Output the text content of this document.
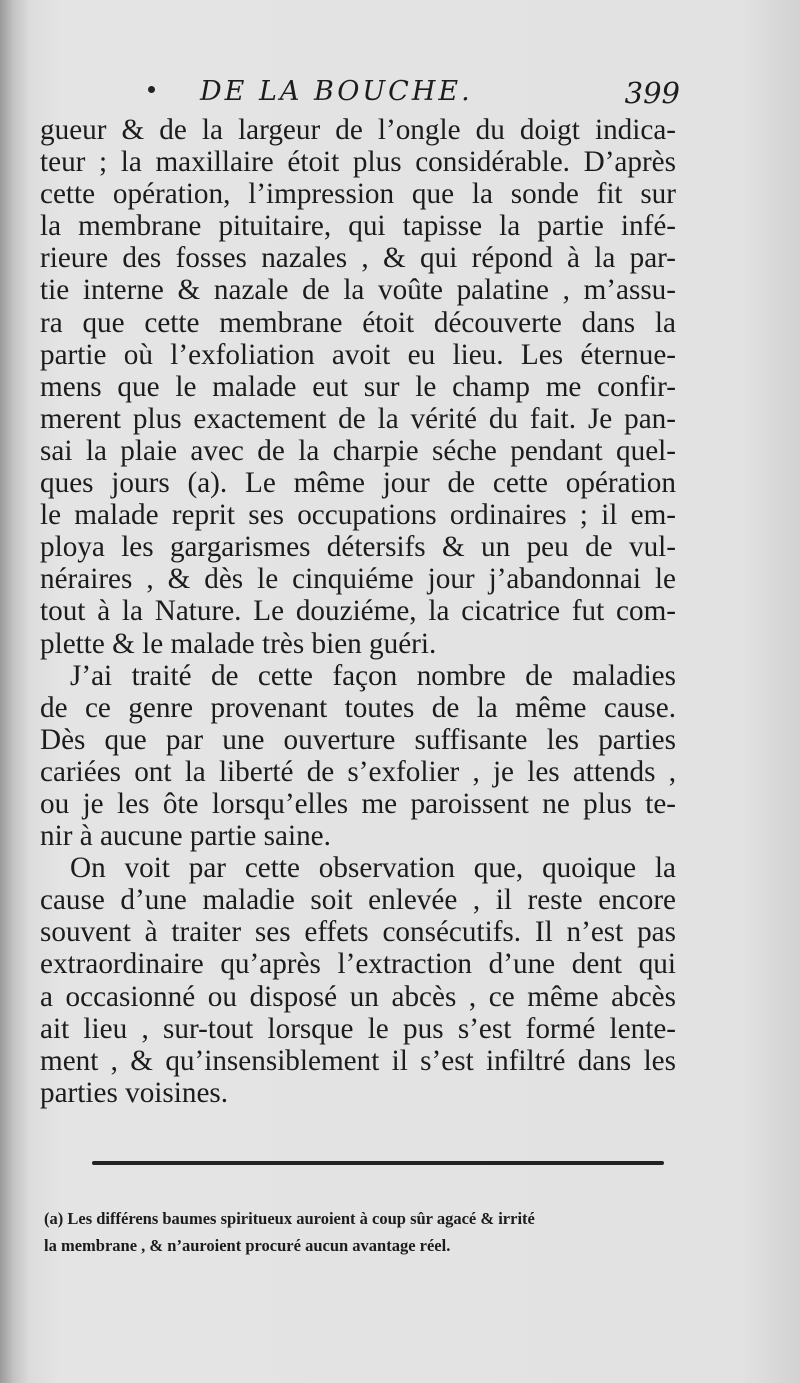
DE LA BOUCHE.	399
gueur & de la largeur de l’ongle du doigt indica-
teur ; la maxillaire étoit plus considérable. D’après
cette opération, l’impression que la sonde fit sur
la membrane pituitaire, qui tapisse la partie infé-
rieure des fosses nazales , & qui répond à la par-
tie interne & nazale de la voûte palatine , m’assu-
ra que cette membrane étoit découverte dans la
partie où l’exfoliation avoit eu lieu. Les éternue-
mens que le malade eut sur le champ me confir-
merent plus exactement de la vérité du fait. Je pan-
sai la plaie avec de la charpie séche pendant quel-
ques jours (a). Le même jour de cette opération
le malade reprit ses occupations ordinaires ; il em-
ploya les gargarismes détersifs & un peu de vul-
néraires , & dès le cinquiéme jour j’abandonnai le
tout à la Nature. Le douziéme, la cicatrice fut com-
plette & le malade très bien guéri.
J’ai traité de cette façon nombre de maladies
de ce genre provenant toutes de la même cause.
Dès que par une ouverture suffisante les parties
cariées ont la liberté de s’exfolier , je les attends ,
ou je les ôte lorsqu’elles me paroissent ne plus te-
nir à aucune partie saine.
On voit par cette observation que, quoique la
cause d’une maladie soit enlevée , il reste encore
souvent à traiter ses effets consécutifs. Il n’est pas
extraordinaire qu’après l’extraction d’une dent qui
a occasionné ou disposé un abcès , ce même abcès
ait lieu , sur-tout lorsque le pus s’est formé lente-
ment , & qu’insensiblement il s’est infiltré dans les
parties voisines.
(a) Les différens baumes spiritueux auroient à coup sûr agacé & irrité
la membrane , & n’auroient procuré aucun avantage réel.
